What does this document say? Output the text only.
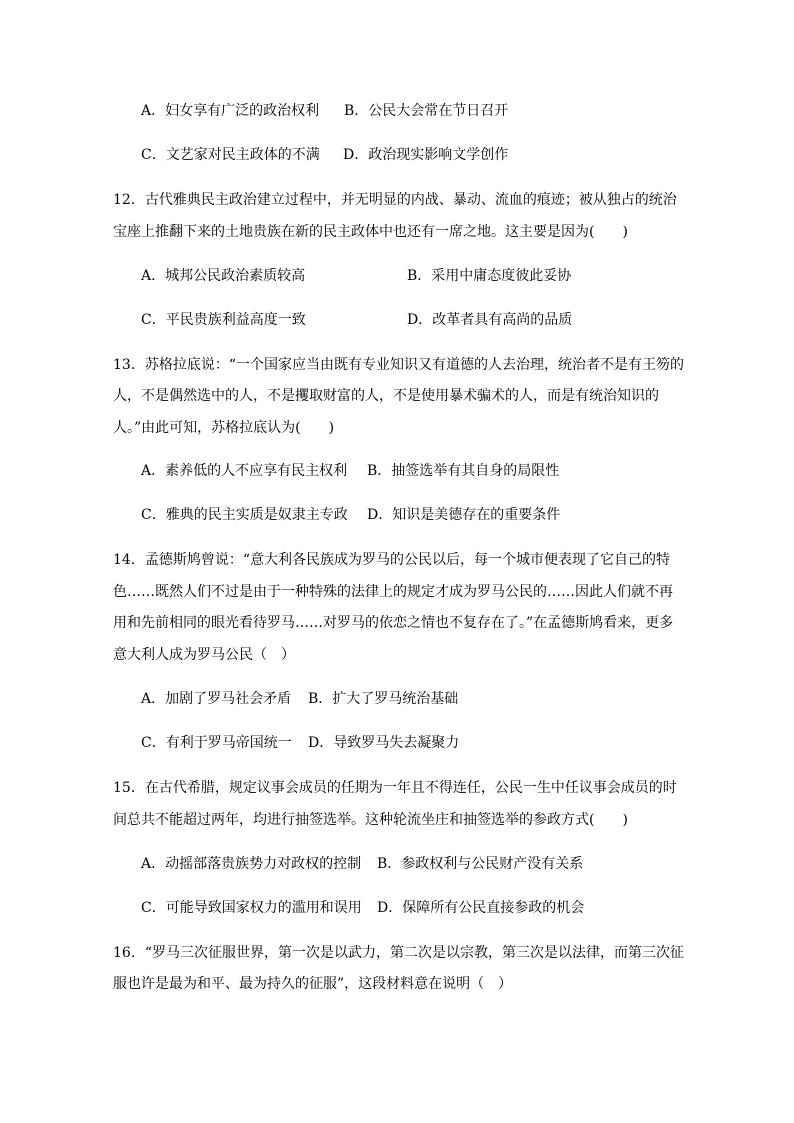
A．妇女享有广泛的政治权利 B．公民大会常在节日召开
C．文艺家对民主政体的不满 D．政治现实影响文学创作
12．古代雅典民主政治建立过程中，并无明显的内战、暴动、流血的痕迹；被从独占的统治
宝座上推翻下来的土地贵族在新的民主政体中也还有一席之地。这主要是因为(　　)
A．城邦公民政治素质较高	B．采用中庸态度彼此妥协
C．平民贵族利益高度一致	D．改革者具有高尚的品质
13．苏格拉底说：“一个国家应当由既有专业知识又有道德的人去治理，统治者不是有王笏的
人，不是偶然选中的人，不是攫取财富的人，不是使用暴术骗术的人，而是有统治知识的
人。”由此可知，苏格拉底认为(　　)
A．素养低的人不应享有民主权利 B．抽签选举有其自身的局限性
C．雅典的民主实质是奴隶主专政 D．知识是美德存在的重要条件
14．孟德斯鸠曾说：“意大利各民族成为罗马的公民以后，每一个城市便表现了它自己的特
色……既然人们不过是由于一种特殊的法律上的规定才成为罗马公民的……因此人们就不再
用和先前相同的眼光看待罗马……对罗马的依恋之情也不复存在了。”在孟德斯鸠看来，更多
意大利人成为罗马公民（　）
A．加剧了罗马社会矛盾 B．扩大了罗马统治基础
C．有利于罗马帝国统一 D．导致罗马失去凝聚力
15．在古代希腊，规定议事会成员的任期为一年且不得连任，公民一生中任议事会成员的时
间总共不能超过两年，均进行抽签选举。这种轮流坐庄和抽签选举的参政方式(　　)
A．动摇部落贵族势力对政权的控制 B．参政权利与公民财产没有关系
C．可能导致国家权力的滥用和误用 D．保障所有公民直接参政的机会
16．“罗马三次征服世界，第一次是以武力，第二次是以宗教，第三次是以法律，而第三次征
服也许是最为和平、最为持久的征服”，这段材料意在说明（　）
